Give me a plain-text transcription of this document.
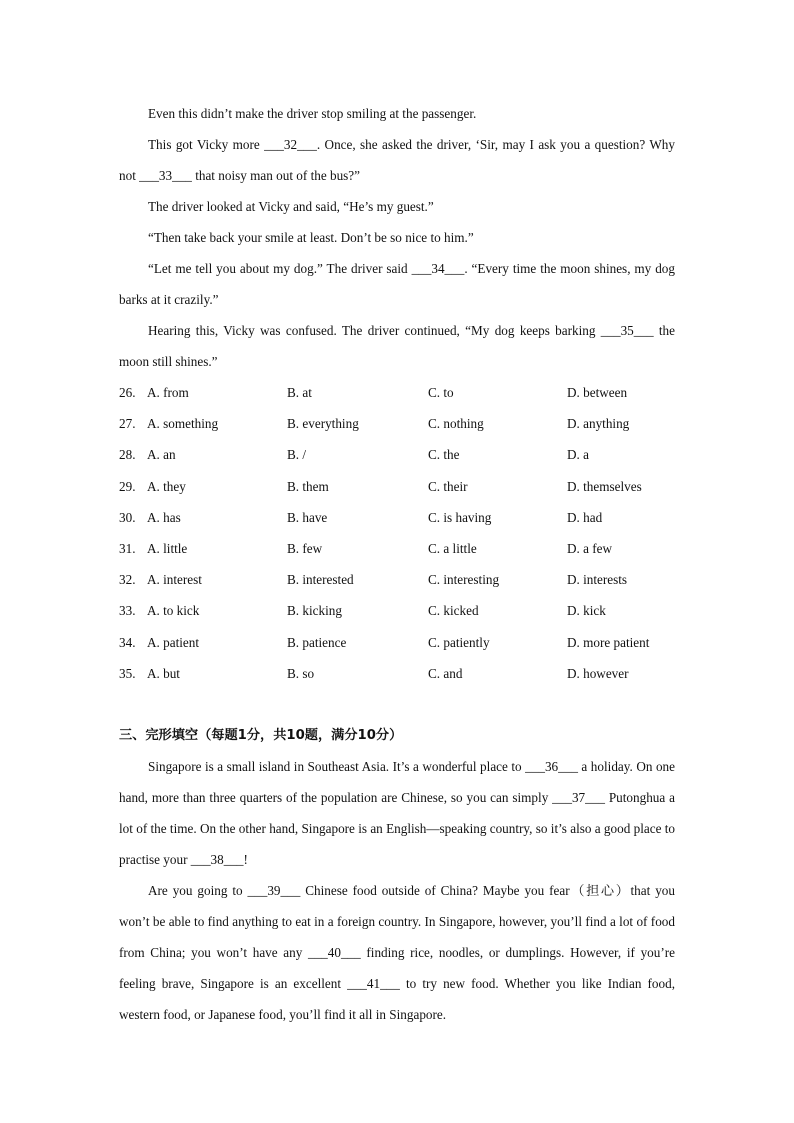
Even this didn’t make the driver stop smiling at the passenger.

This got Vicky more ___32___. Once, she asked the driver, ‘Sir, may I ask you a question? Why not ___33___ that noisy man out of the bus?”

The driver looked at Vicky and said, “He’s my guest.”

“Then take back your smile at least. Don’t be so nice to him.”

“Let me tell you about my dog.” The driver said ___34___. “Every time the moon shines, my dog barks at it crazily.”

Hearing this, Vicky was confused. The driver continued, “My dog keeps barking ___35___ the moon still shines.”

26. A. from	B. at	C. to	D. between
27. A. something	B. everything	C. nothing	D. anything
28. A. an	B. /	C. the	D. a
29. A. they	B. them	C. their	D. themselves
30. A. has	B. have	C. is having	D. had
31. A. little	B. few	C. a little	D. a few
32. A. interest	B. interested	C. interesting	D. interests
33. A. to kick	B. kicking	C. kicked	D. kick
34. A. patient	B. patience	C. patiently	D. more patient
35. A. but	B. so	C. and	D. however
三、完形填空（每题1分，共10题，满分10分）

Singapore is a small island in Southeast Asia. It’s a wonderful place to ___36___ a holiday. On one hand, more than three quarters of the population are Chinese, so you can simply ___37___ Putonghua a lot of the time. On the other hand, Singapore is an English—speaking country, so it’s also a good place to practise your ___38___!

Are you going to ___39___ Chinese food outside of China? Maybe you fear（担心）that you won’t be able to find anything to eat in a foreign country. In Singapore, however, you’ll find a lot of food from China; you won’t have any ___40___ finding rice, noodles, or dumplings. However, if you’re feeling brave, Singapore is an excellent ___41___ to try new food. Whether you like Indian food, western food, or Japanese food, you’ll find it all in Singapore.
